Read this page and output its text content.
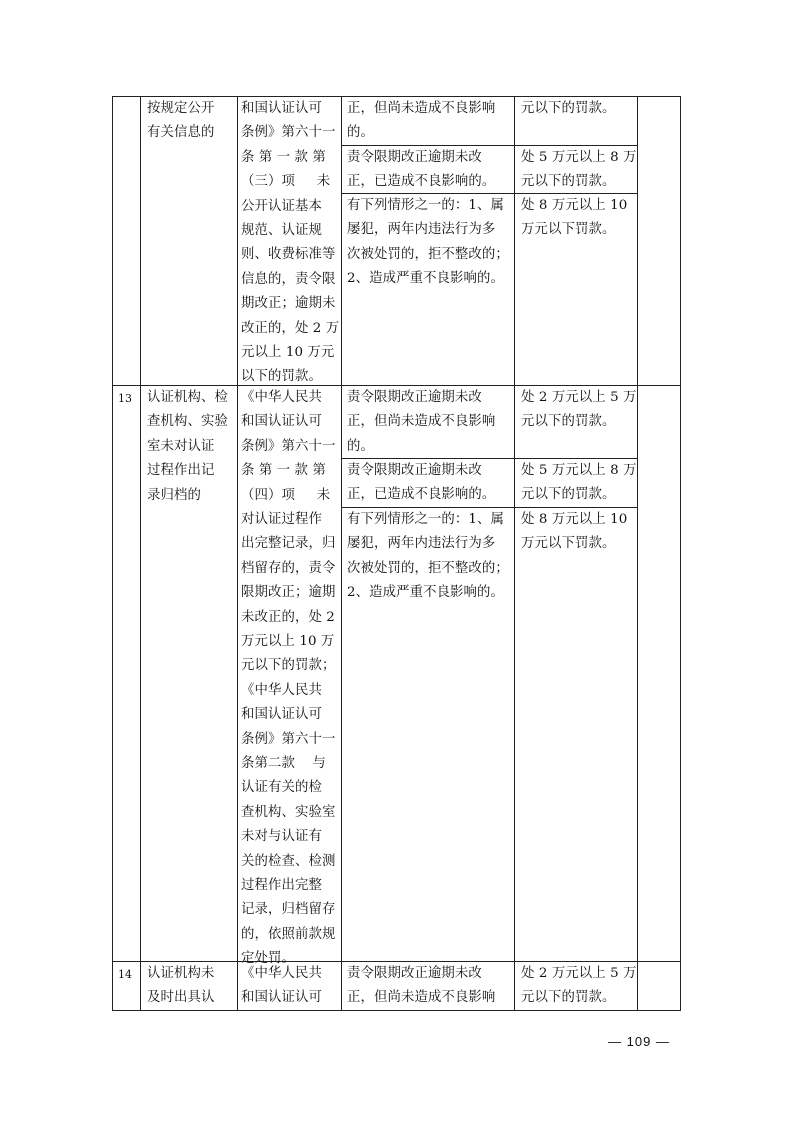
按规定公开
有关信息的
和国认证认可
条例》第六十一
条 第 一 款 第
（三）项     未
公开认证基本
规范、认证规
则、收费标准等
信息的，责令限
期改正；逾期未
改正的，处 2 万
元以上 10 万元
以下的罚款。
正，但尚未造成不良影响
的。
元以下的罚款。
责令限期改正逾期未改
正，已造成不良影响的。
处 5 万元以上 8 万
元以下的罚款。
有下列情形之一的：1、属
屡犯，两年内违法行为多
次被处罚的，拒不整改的；
2、造成严重不良影响的。
处 8 万元以上 10
万元以下罚款。
13 认证机构、检
查机构、实验
室未对认证
过程作出记
录归档的
《中华人民共
和国认证认可
条例》第六十一
条 第 一 款 第
（四）项     未
对认证过程作
出完整记录，归
档留存的，责令
限期改正；逾期
未改正的，处 2
万元以上 10 万
元以下的罚款；
《中华人民共
和国认证认可
条例》第六十一
条第二款    与
认证有关的检
查机构、实验室
未对与认证有
关的检查、检测
过程作出完整
记录，归档留存
的，依照前款规
定处罚。
责令限期改正逾期未改
正，但尚未造成不良影响
的。
处 2 万元以上 5 万
元以下的罚款。
责令限期改正逾期未改
正，已造成不良影响的。
处 5 万元以上 8 万
元以下的罚款。
有下列情形之一的：1、属
屡犯，两年内违法行为多
次被处罚的，拒不整改的；
2、造成严重不良影响的。
处 8 万元以上 10
万元以下罚款。
14 认证机构未
及时出具认
《中华人民共
和国认证认可
责令限期改正逾期未改
正，但尚未造成不良影响
处 2 万元以上 5 万
元以下的罚款。
— 109 —
